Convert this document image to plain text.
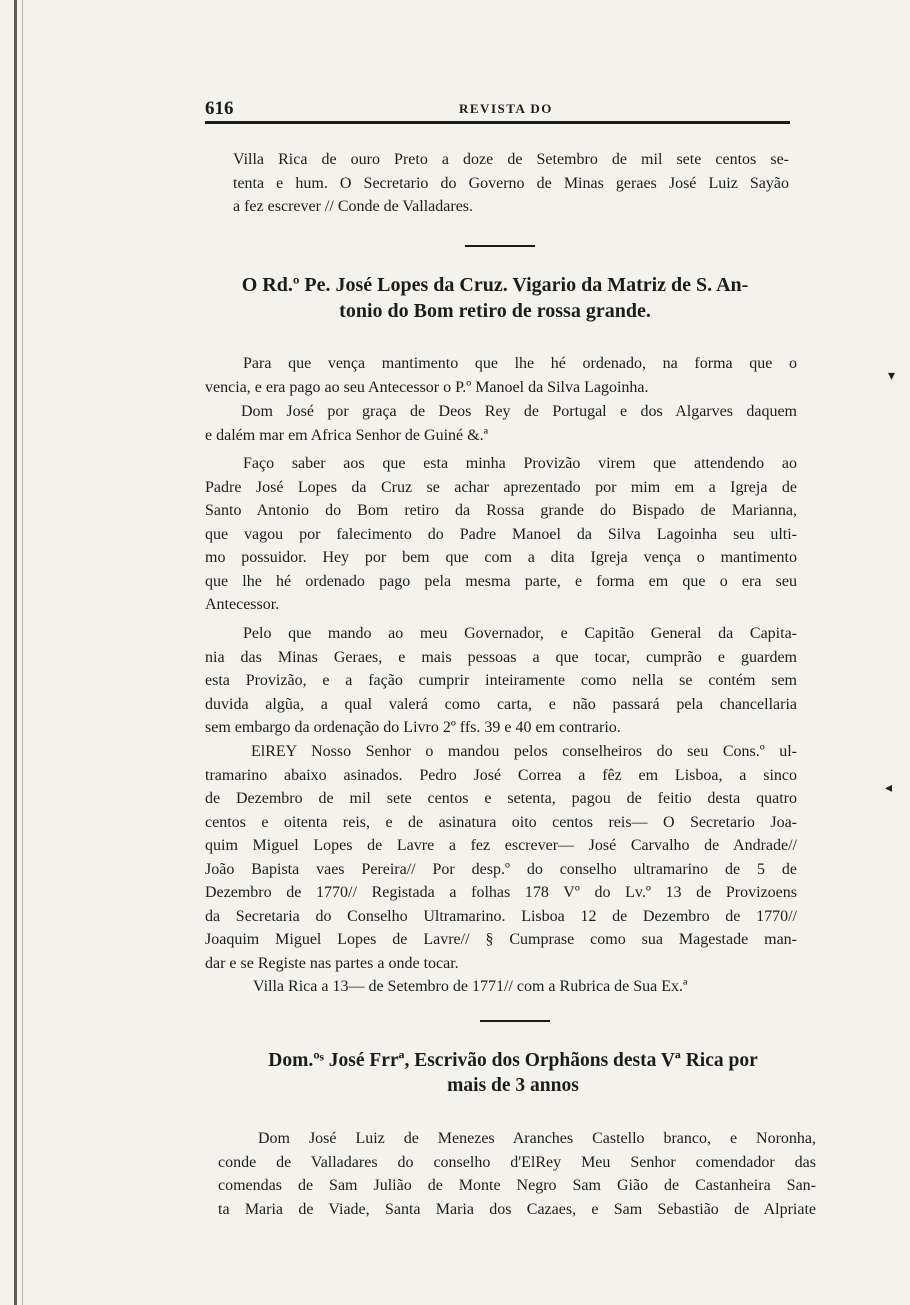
616	REVISTA DO
Villa Rica de ouro Preto a doze de Setembro de mil sete centos se-
tenta e hum. O Secretario do Governo de Minas geraes José Luiz Sayão
a fez escrever // Conde de Valladares.
O Rd.º Pe. José Lopes da Cruz. Vigario da Matriz de S. An-
tonio do Bom retiro de rossa grande.
Para que vença mantimento que lhe hé ordenado, na forma que o
vencia, e era pago ao seu Antecessor o P.º Manoel da Silva Lagoinha.
Dom José por graça de Deos Rey de Portugal e dos Algarves daquem
e dalém mar em Africa Senhor de Guiné &.ª
Faço saber aos que esta minha Provizão virem que attendendo ao
Padre José Lopes da Cruz se achar aprezentado por mim em a Igreja de
Santo Antonio do Bom retiro da Rossa grande do Bispado de Marianna,
que vagou por falecimento do Padre Manoel da Silva Lagoinha seu ulti-
mo possuidor. Hey por bem que com a dita Igreja vença o mantimento
que lhe hé ordenado pago pela mesma parte, e forma em que o era seu
Antecessor.
Pelo que mando ao meu Governador, e Capitão General da Capita-
nia das Minas Geraes, e mais pessoas a que tocar, cumprão e guardem
esta Provizão, e a fação cumprir inteiramente como nella se contém sem
duvida algũa, a qual valerá como carta, e não passará pela chancellaria
sem embargo da ordenação do Livro 2º ffs. 39 e 40 em contrario.
ElREY Nosso Senhor o mandou pelos conselheiros do seu Cons.º ul-
tramarino abaixo asinados. Pedro José Correa a fêz em Lisboa, a sinco
de Dezembro de mil sete centos e setenta, pagou de feitio desta quatro
centos e oitenta reis, e de asinatura oito centos reis— O Secretario Joa-
quim Miguel Lopes de Lavre a fez escrever— José Carvalho de Andrade//
João Bapista vaes Pereira// Por desp.º do conselho ultramarino de 5 de
Dezembro de 1770// Registada a folhas 178 Vº do Lv.º 13 de Provizoens
da Secretaria do Conselho Ultramarino. Lisboa 12 de Dezembro de 1770//
Joaquim Miguel Lopes de Lavre// § Cumprase como sua Magestade man-
dar e se Registe nas partes a onde tocar.
Villa Rica a 13— de Setembro de 1771// com a Rubrica de Sua Ex.ª
Dom.ºˢ José Frrª, Escrivão dos Orphãons desta Vª Rica por
mais de 3 annos
Dom José Luiz de Menezes Aranches Castello branco, e Noronha,
conde de Valladares do conselho d'ElRey Meu Senhor comendador das
comendas de Sam Julião de Monte Negro Sam Gião de Castanheira San-
ta Maria de Viade, Santa Maria dos Cazaes, e Sam Sebastião de Alpriate
▾
◂
